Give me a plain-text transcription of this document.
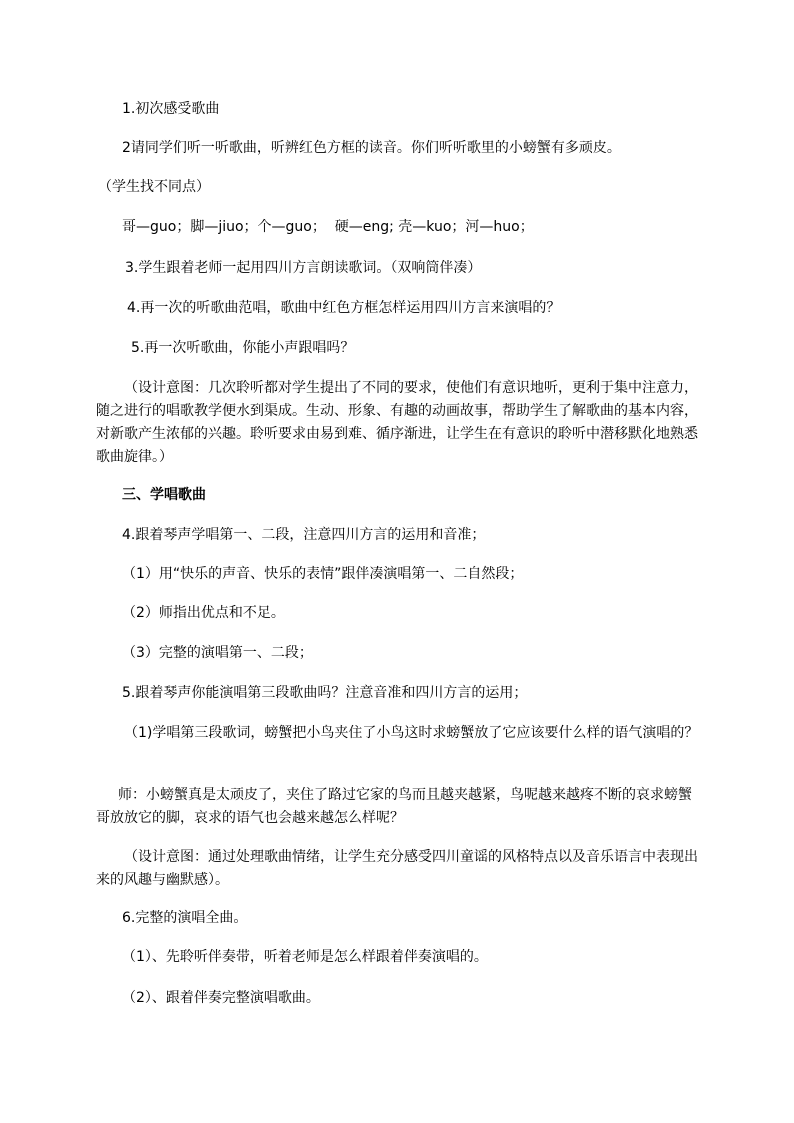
1.初次感受歌曲
2请同学们听一听歌曲，听辨红色方框的读音。你们听听歌里的小螃蟹有多顽皮。
（学生找不同点）
哥—guo；脚—jiuo；个—guo；  硬—eng; 壳—kuo；河—huo；
3.学生跟着老师一起用四川方言朗读歌词。（双响筒伴凑）
4.再一次的听歌曲范唱，歌曲中红色方框怎样运用四川方言来演唱的？
5.再一次听歌曲，你能小声跟唱吗？
（设计意图：几次聆听都对学生提出了不同的要求，使他们有意识地听，更利于集中注意力，随之进行的唱歌教学便水到渠成。生动、形象、有趣的动画故事，帮助学生了解歌曲的基本内容，对新歌产生浓郁的兴趣。聆听要求由易到难、循序渐进，让学生在有意识的聆听中潜移默化地熟悉歌曲旋律。）
三、学唱歌曲
4.跟着琴声学唱第一、二段，注意四川方言的运用和音准；
（1）用“快乐的声音、快乐的表情”跟伴凑演唱第一、二自然段；
（2）师指出优点和不足。
（3）完整的演唱第一、二段；
5.跟着琴声你能演唱第三段歌曲吗？注意音准和四川方言的运用；
（1)学唱第三段歌词，螃蟹把小鸟夹住了小鸟这时求螃蟹放了它应该要什么样的语气演唱的？
师：小螃蟹真是太顽皮了，夹住了路过它家的鸟而且越夹越紧，鸟呢越来越疼不断的哀求螃蟹哥放放它的脚，哀求的语气也会越来越怎么样呢？
（设计意图：通过处理歌曲情绪，让学生充分感受四川童谣的风格特点以及音乐语言中表现出来的风趣与幽默感）。
6.完整的演唱全曲。
（1）、先聆听伴奏带，听着老师是怎么样跟着伴奏演唱的。
（2）、跟着伴奏完整演唱歌曲。
